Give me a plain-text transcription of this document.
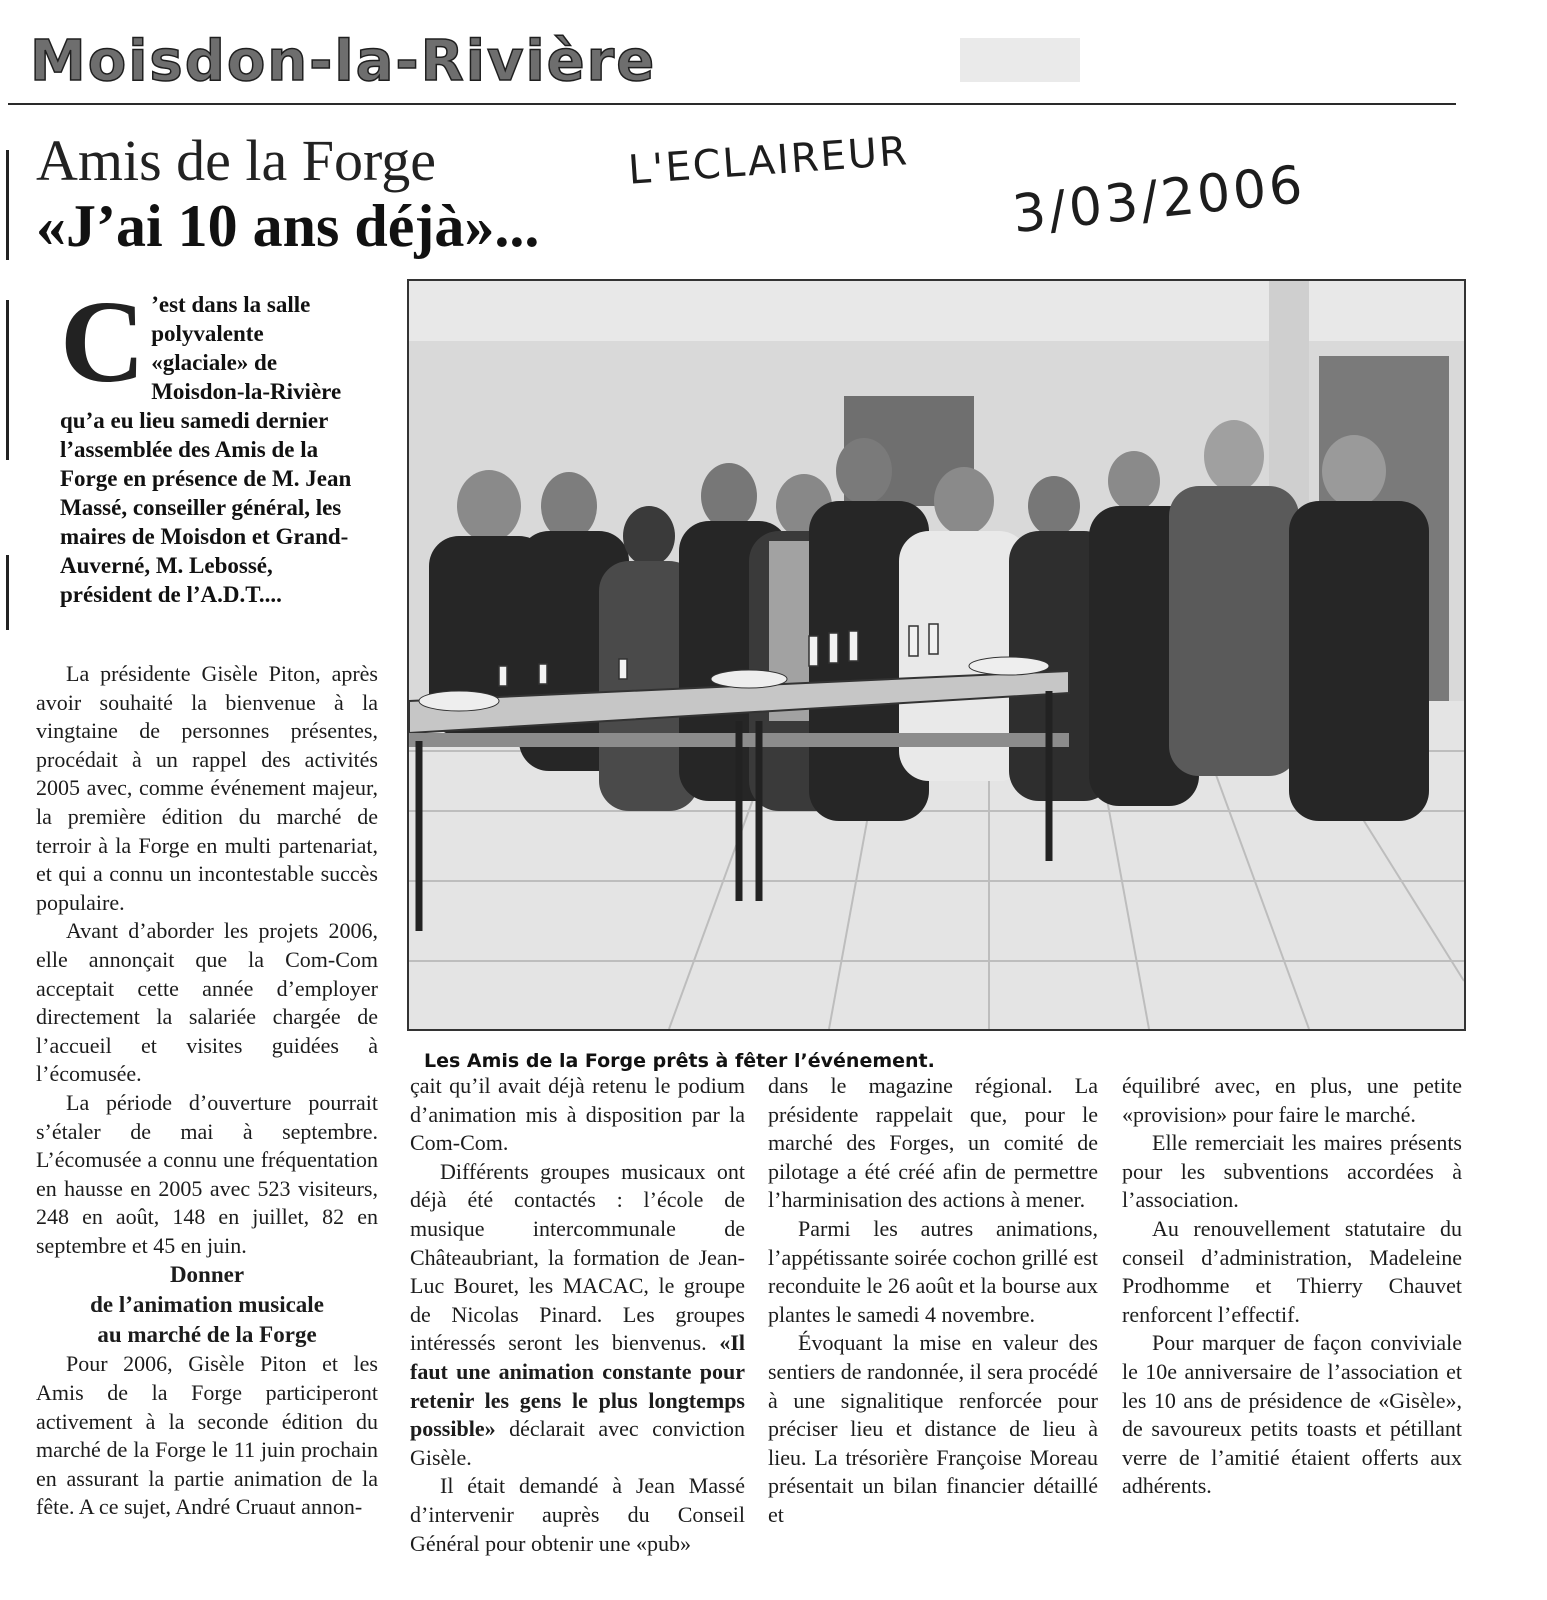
Moisdon-la-Rivière
Amis de la Forge
«J’ai 10 ans déjà»...
L'ECLAIREUR 3/03/2006
C ’est dans la salle polyvalente «glaciale» de Moisdon-la-Rivière qu’a eu lieu samedi dernier l’assemblée des Amis de la Forge en présence de M. Jean Massé, conseiller général, les maires de Moisdon et Grand-Auverné, M. Lebossé, président de l’A.D.T....
Les Amis de la Forge prêts à fêter l’événement.

La présidente Gisèle Piton, après avoir souhaité la bienvenue à la vingtaine de personnes présentes, procédait à un rappel des activités 2005 avec, comme événement majeur, la première édition du marché de terroir à la Forge en multi partenariat, et qui a connu un incontestable succès populaire.

Avant d’aborder les projets 2006, elle annonçait que la Com-Com acceptait cette année d’employer directement la salariée chargée de l’accueil et visites guidées à l’écomusée.

La période d’ouverture pourrait s’étaler de mai à septembre. L’écomusée a connu une fréquentation en hausse en 2005 avec 523 visiteurs, 248 en août, 148 en juillet, 82 en septembre et 45 en juin.

Donner
de l’animation musicale
au marché de la Forge

Pour 2006, Gisèle Piton et les Amis de la Forge participeront activement à la seconde édition du marché de la Forge le 11 juin prochain en assurant la partie animation de la fête. A ce sujet, André Cruaut annon-

çait qu’il avait déjà retenu le podium d’animation mis à disposition par la Com-Com.

Différents groupes musicaux ont déjà été contactés : l’école de musique intercommunale de Châteaubriant, la formation de Jean-Luc Bouret, les MACAC, le groupe de Nicolas Pinard. Les groupes intéressés seront les bienvenus. «Il faut une animation constante pour retenir les gens le plus longtemps possible» déclarait avec conviction Gisèle.

Il était demandé à Jean Massé d’intervenir auprès du Conseil Général pour obtenir une «pub»

dans le magazine régional. La présidente rappelait que, pour le marché des Forges, un comité de pilotage a été créé afin de permettre l’harminisation des actions à mener.

Parmi les autres animations, l’appétissante soirée cochon grillé est reconduite le 26 août et la bourse aux plantes le samedi 4 novembre.

Évoquant la mise en valeur des sentiers de randonnée, il sera procédé à une signalitique renforcée pour préciser lieu et distance de lieu à lieu. La trésorière Françoise Moreau présentait un bilan financier détaillé et

équilibré avec, en plus, une petite «provision» pour faire le marché.

Elle remerciait les maires présents pour les subventions accordées à l’association.

Au renouvellement statutaire du conseil d’administration, Madeleine Prodhomme et Thierry Chauvet renforcent l’effectif.

Pour marquer de façon conviviale le 10e anniversaire de l’association et les 10 ans de présidence de «Gisèle», de savoureux petits toasts et pétillant verre de l’amitié étaient offerts aux adhérents.
